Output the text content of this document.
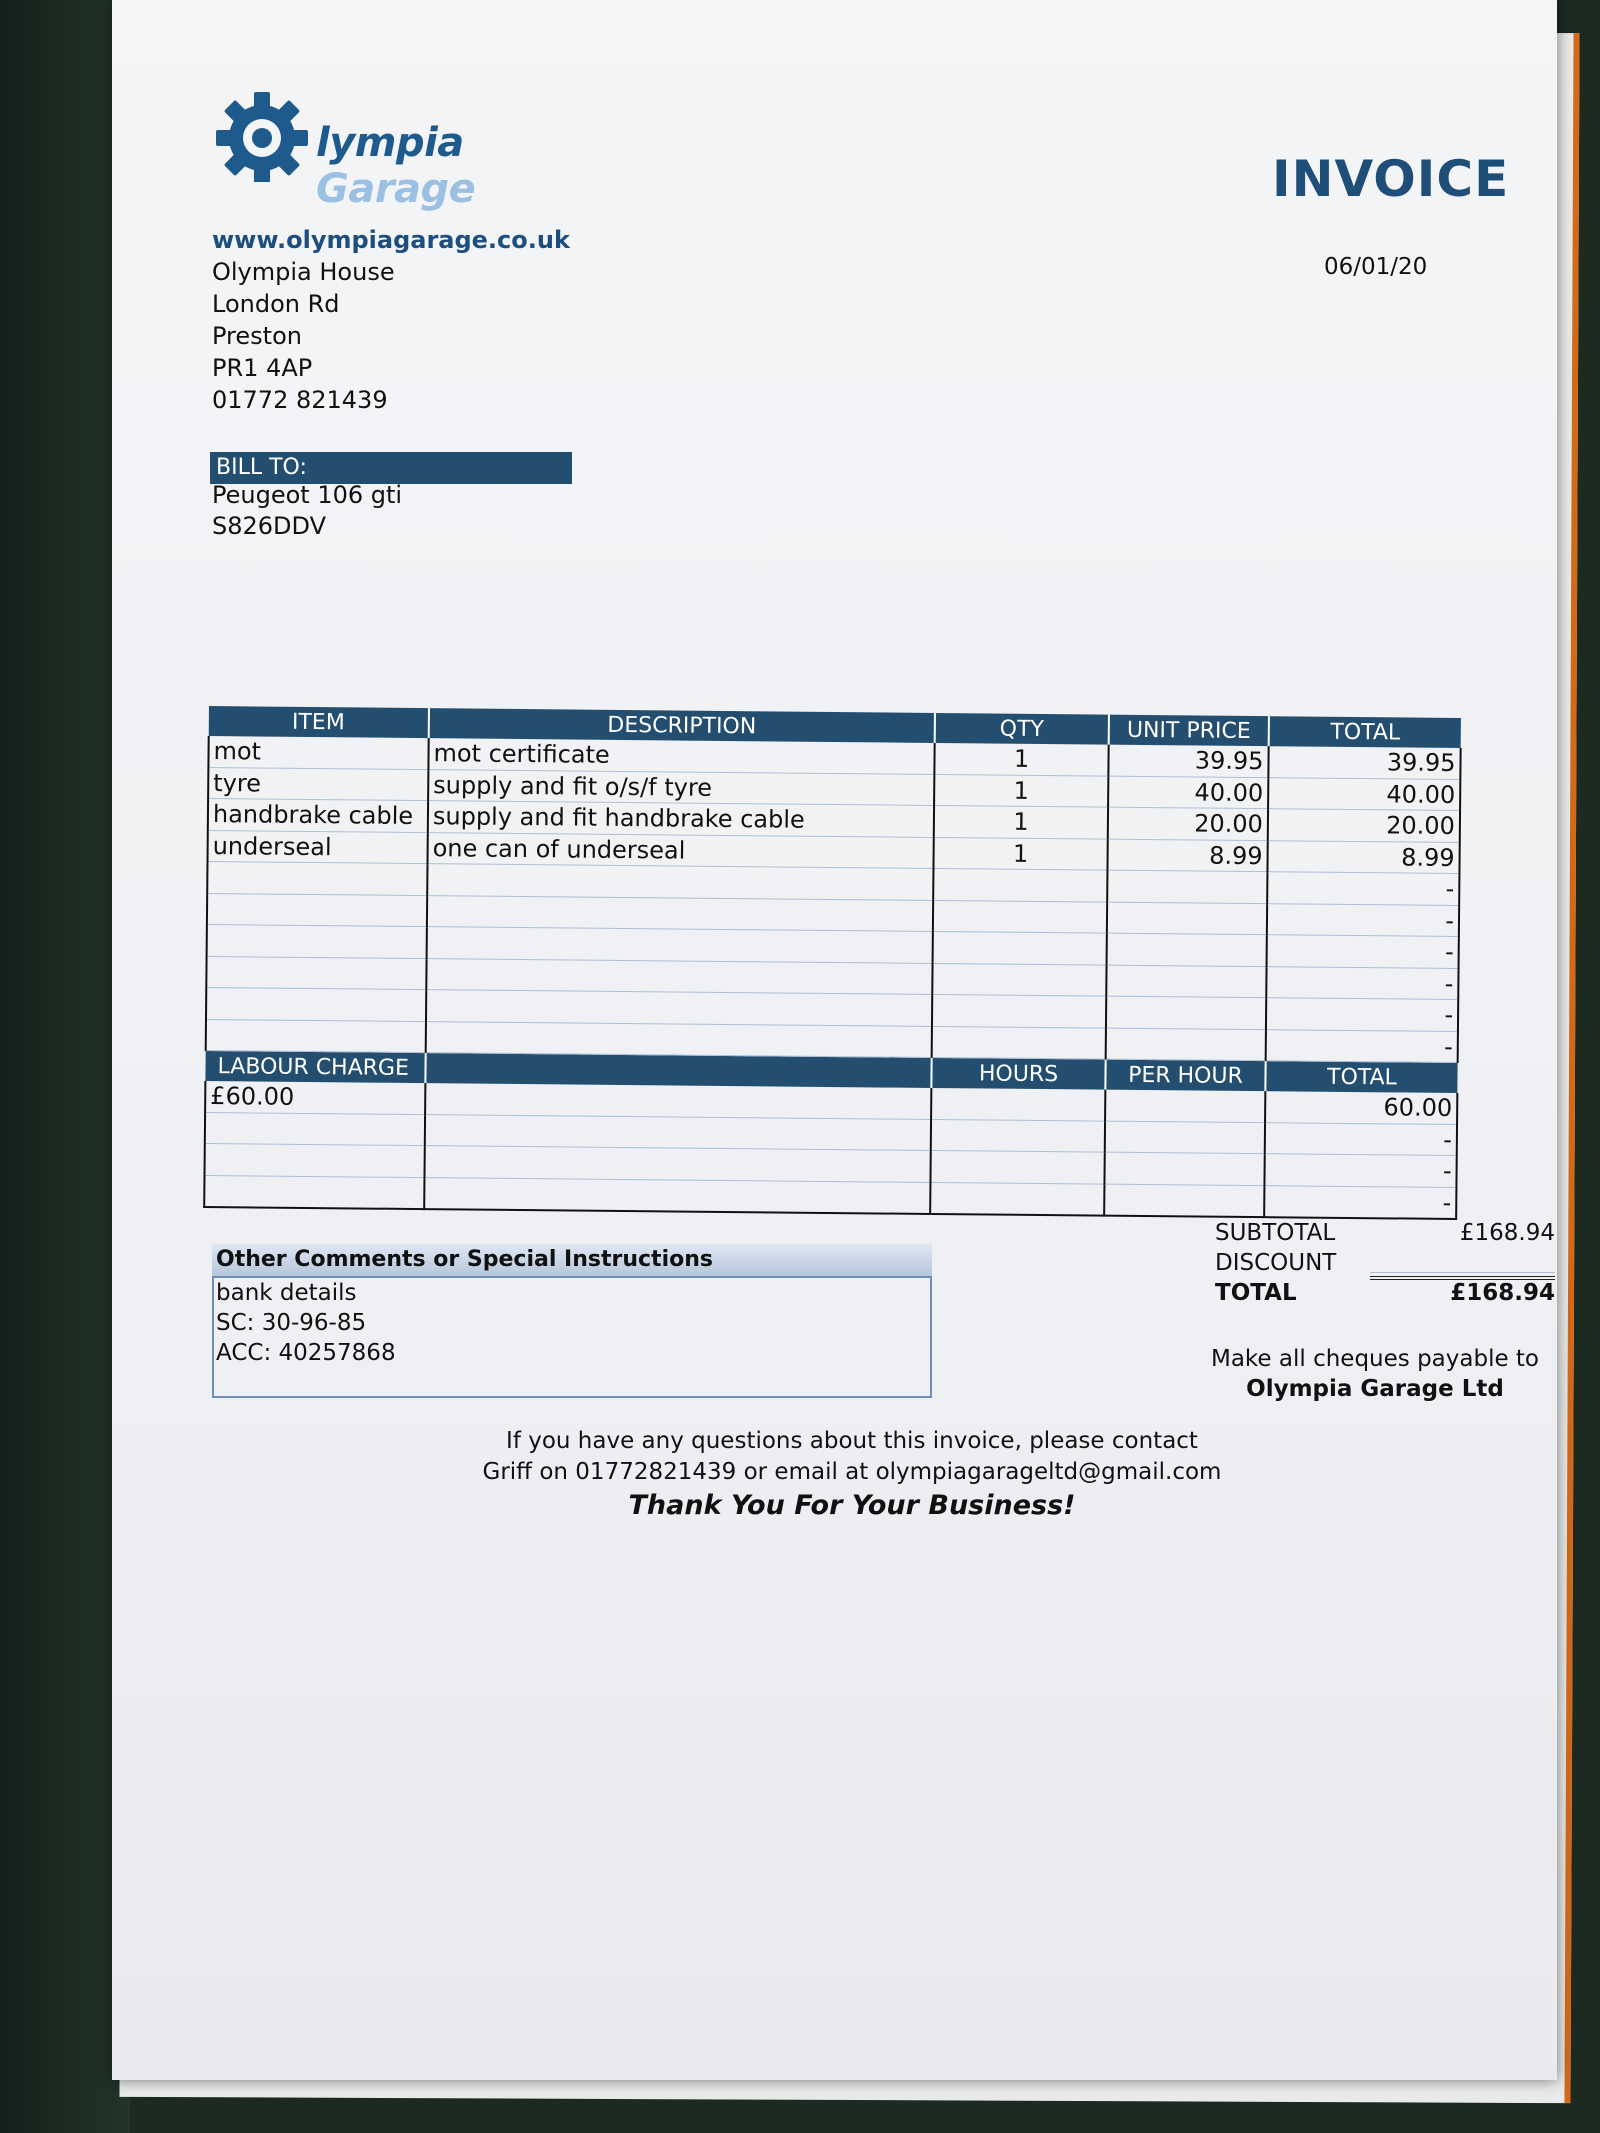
lympia Garage
www.olympiagarage.co.uk
Olympia House
London Rd
Preston
PR1 4AP
01772 821439
INVOICE
06/01/20
BILL TO:
Peugeot 106 gti
S826DDV
ITEM	DESCRIPTION	QTY	UNIT PRICE	TOTAL
mot	mot certificate	1	39.95	39.95
tyre	supply and fit o/s/f tyre	1	40.00	40.00
handbrake cable	supply and fit handbrake cable	1	20.00	20.00
underseal	one can of underseal	1	8.99	8.99
				-
				-
				-
				-
				-
				-
LABOUR CHARGE		HOURS	PER HOUR	TOTAL
£60.00				60.00
				-
				-
				-
SUBTOTAL	£168.94
DISCOUNT
TOTAL	£168.94
Other Comments or Special Instructions
bank details
SC: 30-96-85
ACC: 40257868	Make all cheques payable to
Olympia Garage Ltd
If you have any questions about this invoice, please contact
Griff on 01772821439 or email at olympiagarageltd@gmail.com
Thank You For Your Business!
